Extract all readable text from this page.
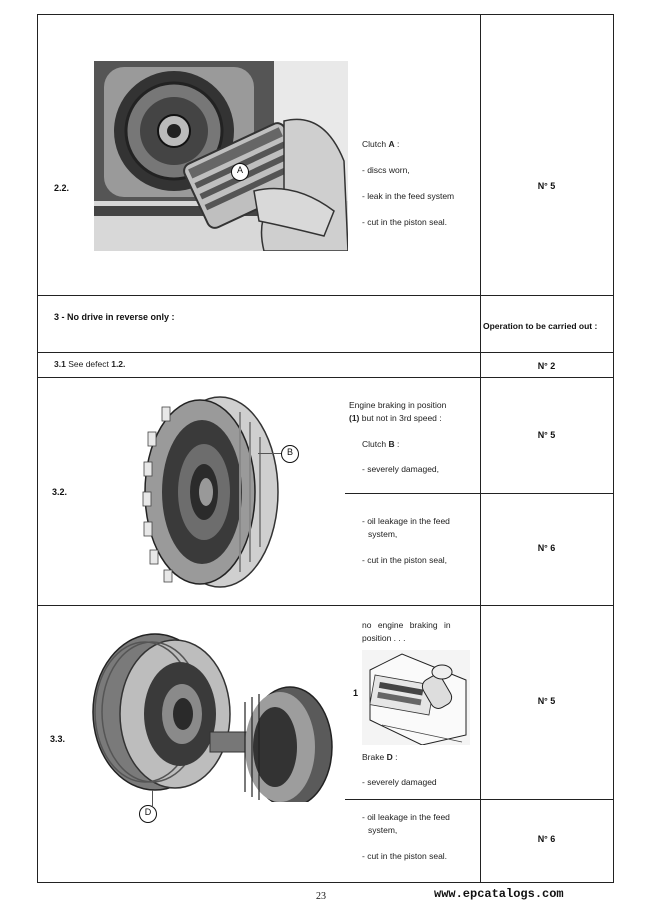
2.2.
A
Clutch A :
- discs worn,
- leak in the feed system
- cut in the piston seal.
N° 5
3 - No drive in reverse only :
Operation to be carried out :
3.1 See defect 1.2.	N° 2
3.2.
B
Engine braking in position
(1) but not in 3rd speed :
Clutch B :
- severely damaged,
N° 5
- oil leakage in the feed
system,
- cut in the piston seal,
N° 6
3.3.
D
no engine braking in
position . . .
1
Brake D :
- severely damaged
N° 5
- oil leakage in the feed
system,
- cut in the piston seal.
N° 6
23	www.epcatalogs.com
